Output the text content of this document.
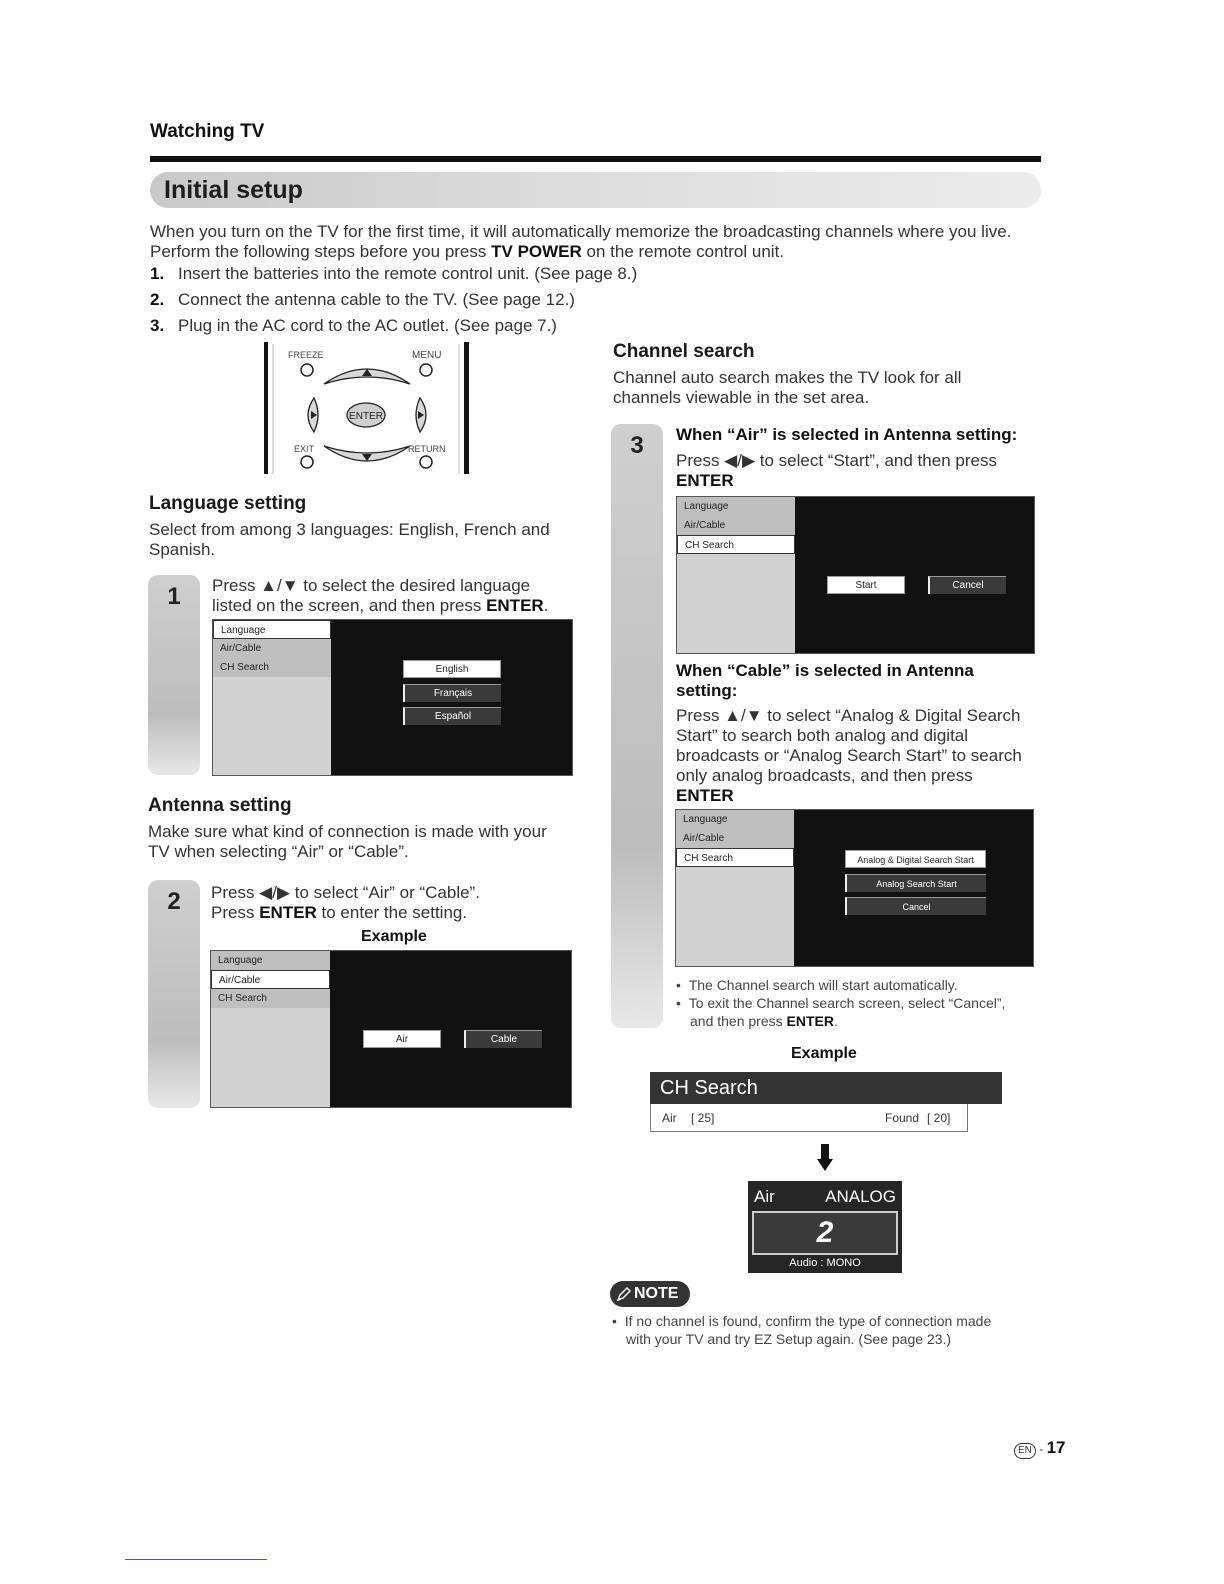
Watching TV
Initial setup
When you turn on the TV for the first time, it will automatically memorize the broadcasting channels where you live.
Perform the following steps before you press TV POWER on the remote control unit.
1. Insert the batteries into the remote control unit. (See page 8.)
2. Connect the antenna cable to the TV. (See page 12.)
3. Plug in the AC cord to the AC outlet. (See page 7.)
FREEZE	MENU
ENTER
EXIT	RETURN
Language setting
Select from among 3 languages: English, French and
Spanish.
1	Press ▲/▼ to select the desired language
listed on the screen, and then press ENTER.
Language
Air/Cable
CH Search	English
Français
Español
Antenna setting
Make sure what kind of connection is made with your
TV when selecting “Air” or “Cable”.
2	Press ◀/▶ to select “Air” or “Cable”.
Press ENTER to enter the setting.
Example
Language
Air/Cable
CH Search
Air	Cable
Channel search
Channel auto search makes the TV look for all
channels viewable in the set area.
3	When “Air” is selected in Antenna setting:
Press ◀/▶ to select “Start”, and then press
ENTER
Language
Air/Cable
CH Search
Start	Cancel
When “Cable” is selected in Antenna
setting:
Press ▲/▼ to select “Analog & Digital Search
Start” to search both analog and digital
broadcasts or “Analog Search Start” to search
only analog broadcasts, and then press
ENTER
Language
Air/Cable
CH Search	Analog & Digital Search Start
Analog Search Start
Cancel
•  The Channel search will start automatically.
•  To exit the Channel search screen, select “Cancel”,
and then press ENTER.
Example
CH Search
Air [ 25]	Found [ 20]
Air	ANALOG
2
Audio : MONO
NOTE
•  If no channel is found, confirm the type of connection made
with your TV and try EZ Setup again. (See page 23.)
EN - 17
